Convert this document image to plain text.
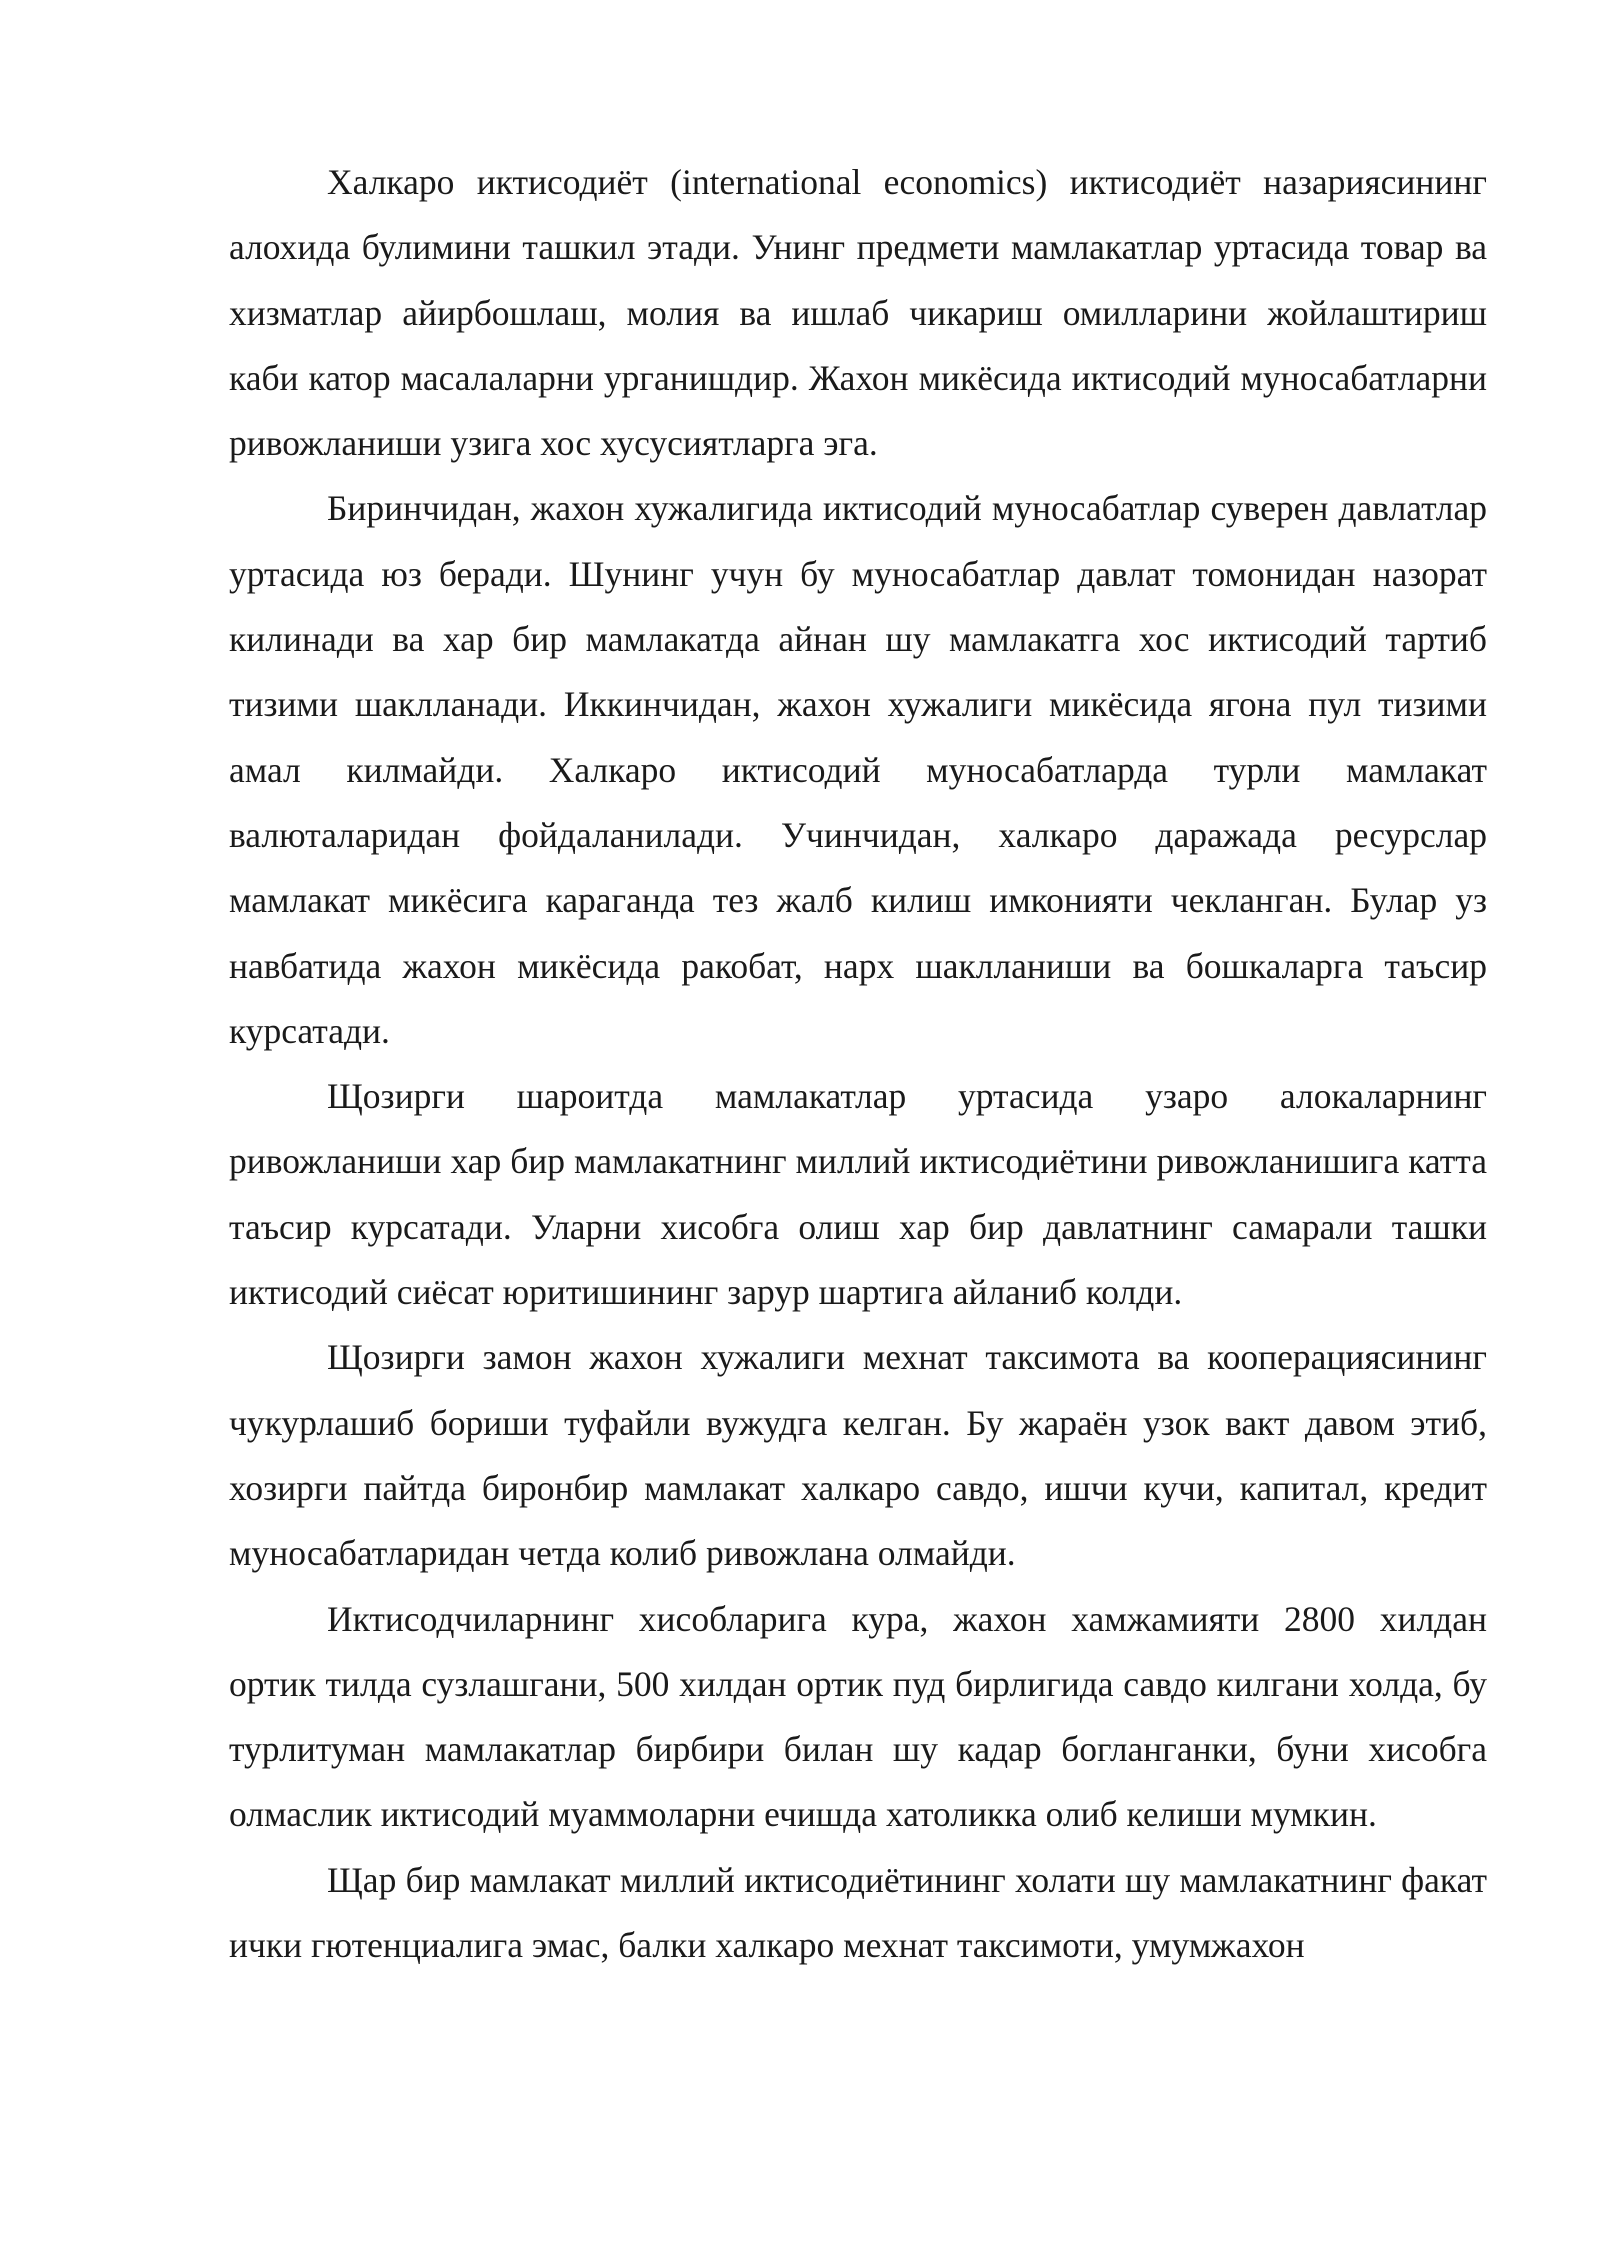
Халкаро иктисодиёт (international economics) иктисодиёт назариясининг алохида булимини ташкил этади. Унинг предмети мамлакатлар уртасида товар ва хизматлар айирбошлаш, молия ва ишлаб чикариш омилларини жойлаштириш каби катор масалаларни урганишдир. Жахон микёсида иктисодий муносабатларни ривожланиши узига хос хусусиятларга эга.

Биринчидан, жахон хужалигида иктисодий муносабатлар суверен давлатлар уртасида юз беради. Шунинг учун бу муносабатлар давлат томонидан назорат килинади ва хар бир мамлакатда айнан шу мамлакатга хос иктисодий тартиб тизими шаклланади. Иккинчидан, жахон хужалиги микёсида ягона пул тизими амал килмайди. Халкаро иктисодий муносабатларда турли мамлакат валюталаридан фойдаланилади. Учинчидан, халкаро даражада ресурслар мамлакат микёсига караганда тез жалб килиш имконияти чекланган. Булар уз навбатида жахон микёсида ракобат, нарх шаклланиши ва бошкаларга таъсир курсатади.

Щозирги шароитда мамлакатлар уртасида узаро алокаларнинг ривожланиши хар бир мамлакатнинг миллий иктисодиётини ривожланишига катта таъсир курсатади. Уларни хисобга олиш хар бир давлатнинг самарали ташки иктисодий сиёсат юритишининг зарур шартига айланиб колди.

Щозирги замон жахон хужалиги мехнат таксимота ва кооперациясининг чукурлашиб бориши туфайли вужудга келган. Бу жараён узок вакт давом этиб, хозирги пайтда биронбир мамлакат халкаро савдо, ишчи кучи, капитал, кредит муносабатларидан четда колиб ривожлана олмайди.

Иктисодчиларнинг хисобларига кура, жахон хамжамияти 2800 хилдан ортик тилда сузлашгани, 500 хилдан ортик пуд бирлигида савдо килгани холда, бу турлитуман мамлакатлар бирбири билан шу кадар богланганки, буни хисобга олмаслик иктисодий муаммоларни ечишда хатоликка олиб келиши мумкин.

Щар бир мамлакат миллий иктисодиётининг холати шу мамлакатнинг факат ички гютенциалига эмас, балки халкаро мехнат таксимоти, умумжахон
